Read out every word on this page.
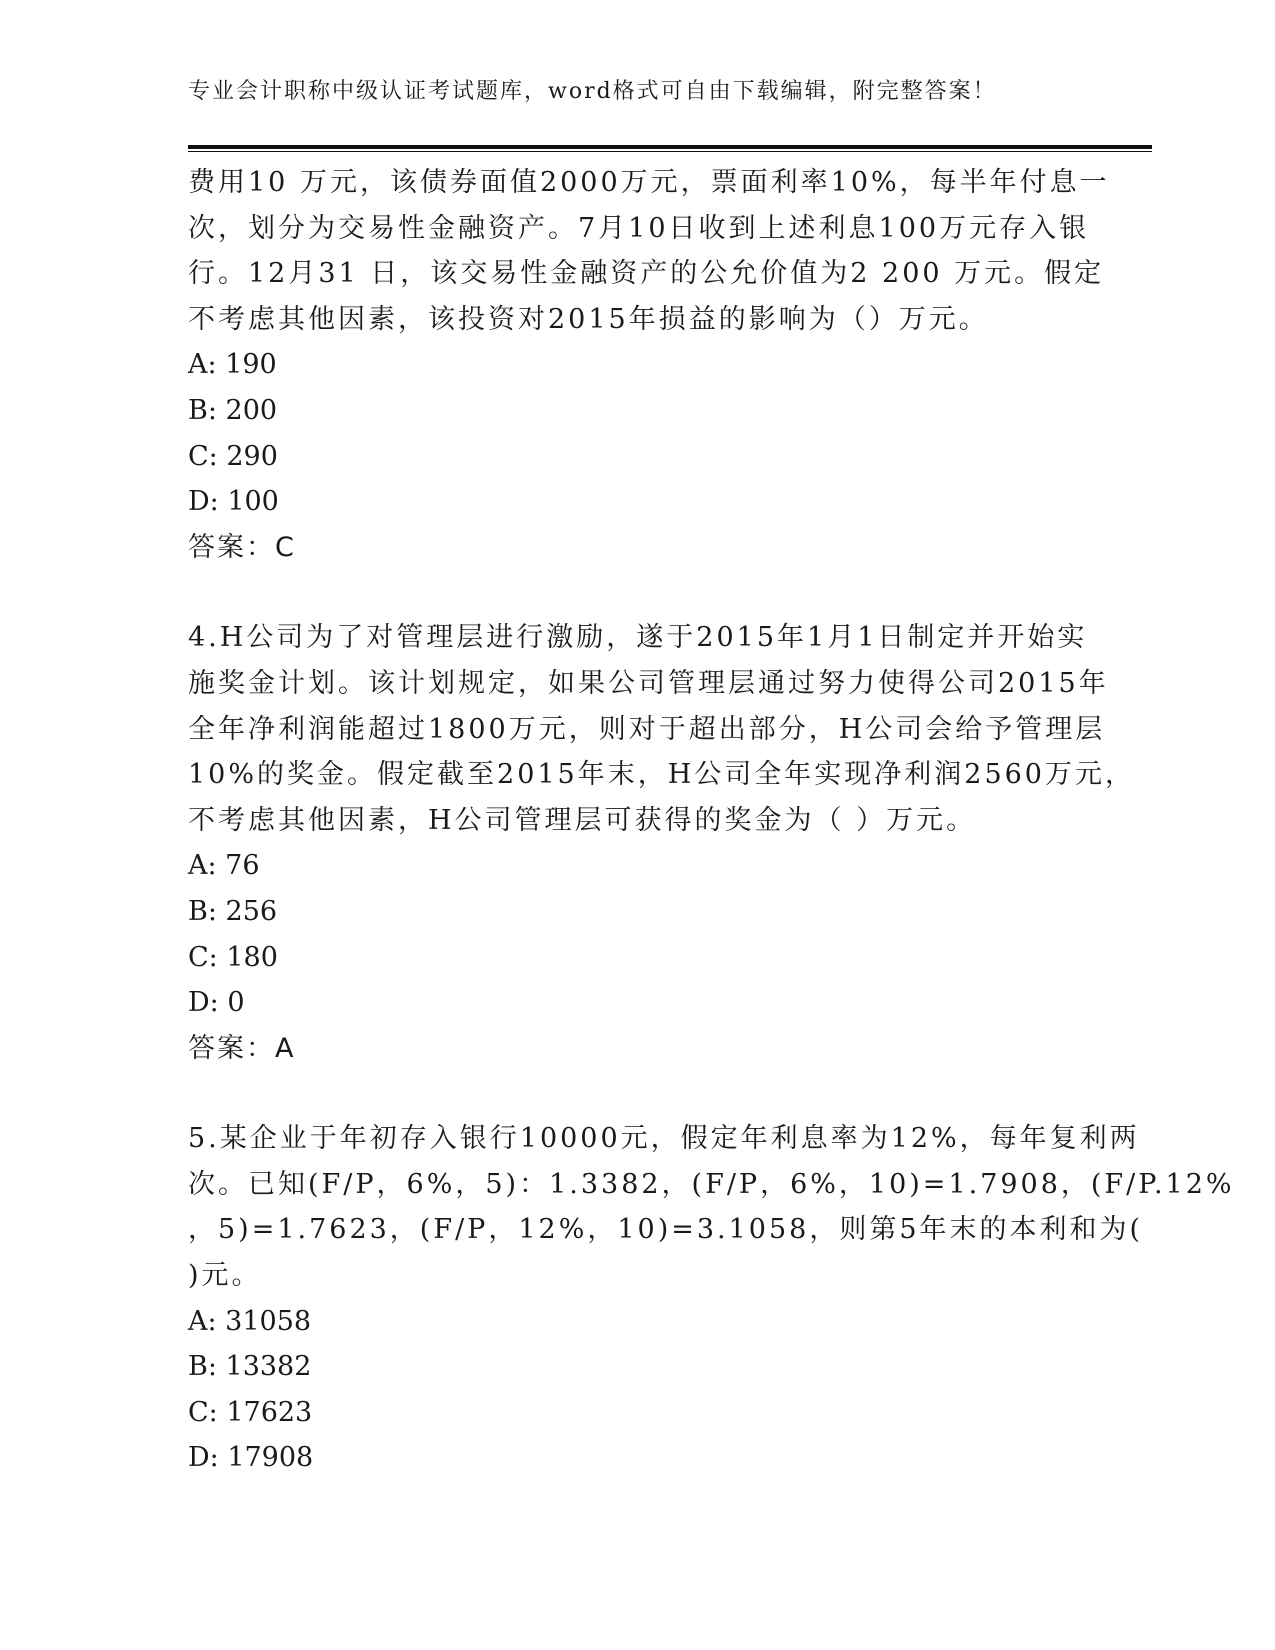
专业会计职称中级认证考试题库，word格式可自由下载编辑，附完整答案！
费用10 万元，该债券面值2000万元，票面利率10%，每半年付息一
次，划分为交易性金融资产。7月10日收到上述利息100万元存入银
行。12月31 日，该交易性金融资产的公允价值为2 200 万元。假定
不考虑其他因素，该投资对2015年损益的影响为（）万元。
A: 190
B: 200
C: 290
D: 100
答案：C
4.H公司为了对管理层进行激励，遂于2015年1月1日制定并开始实
施奖金计划。该计划规定，如果公司管理层通过努力使得公司2015年
全年净利润能超过1800万元，则对于超出部分，H公司会给予管理层
10%的奖金。假定截至2015年末，H公司全年实现净利润2560万元，
不考虑其他因素，H公司管理层可获得的奖金为（ ）万元。
A: 76
B: 256
C: 180
D: 0
答案：A
5.某企业于年初存入银行10000元，假定年利息率为12%，每年复利两
次。已知(F/P，6%，5)：1.3382，(F/P，6%，10)=1.7908，(F/P.12%
，5)=1.7623，(F/P，12%，10)=3.1058，则第5年末的本利和为(
)元。
A: 31058
B: 13382
C: 17623
D: 17908
